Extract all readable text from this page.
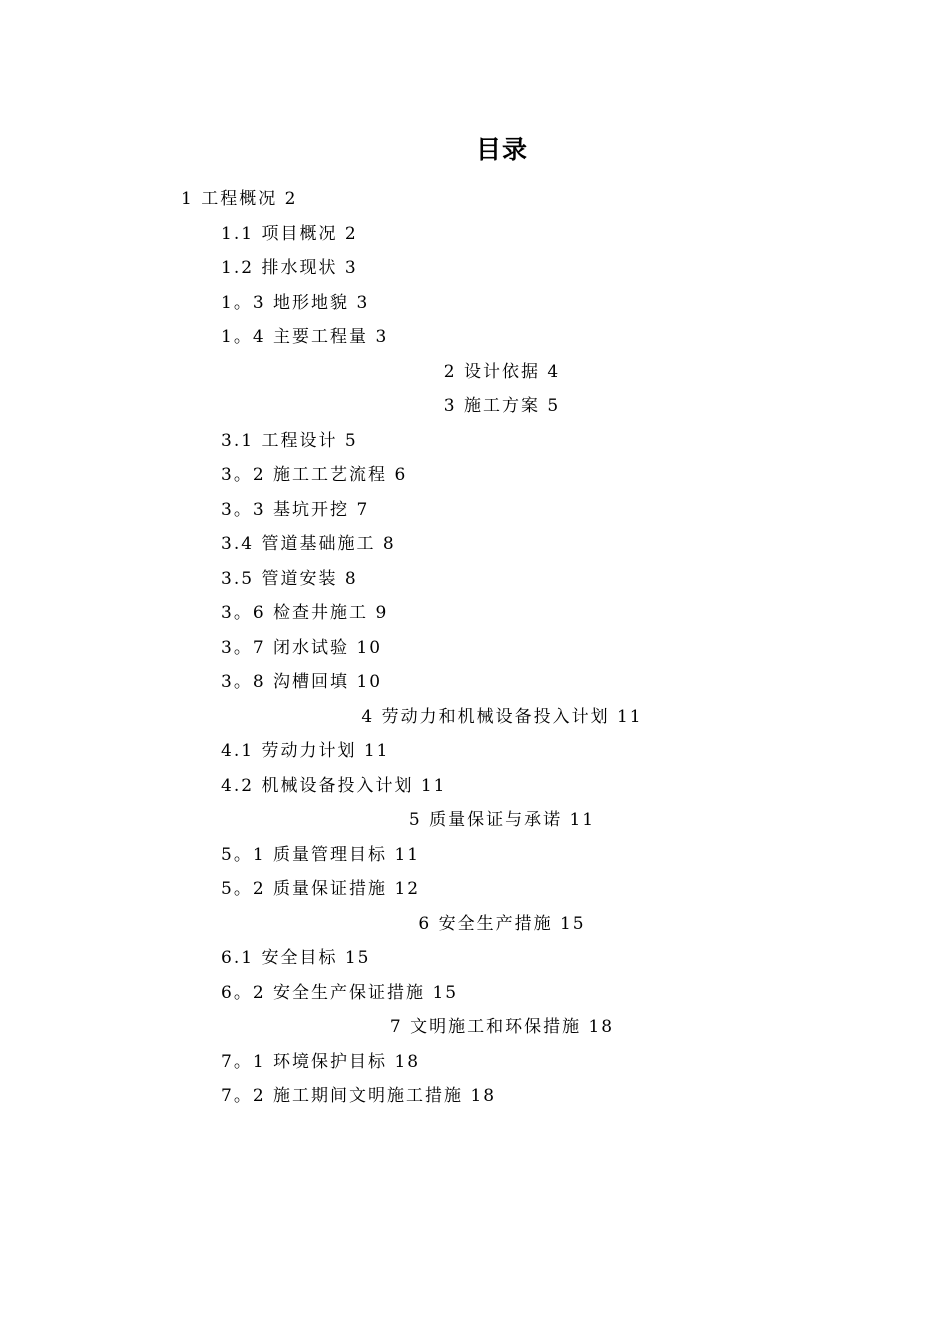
目录
1 工程概况 2
1.1 项目概况 2
1.2 排水现状 3
1。3 地形地貌 3
1。4 主要工程量 3
2 设计依据 4
3 施工方案 5
3.1 工程设计 5
3。2 施工工艺流程 6
3。3 基坑开挖 7
3.4 管道基础施工 8
3.5 管道安装 8
3。6 检查井施工 9
3。7 闭水试验 10
3。8 沟槽回填 10
4 劳动力和机械设备投入计划 11
4.1 劳动力计划 11
4.2 机械设备投入计划 11
5 质量保证与承诺 11
5。1 质量管理目标 11
5。2 质量保证措施 12
6 安全生产措施 15
6.1 安全目标 15
6。2 安全生产保证措施 15
7 文明施工和环保措施 18
7。1 环境保护目标 18
7。2 施工期间文明施工措施 18
